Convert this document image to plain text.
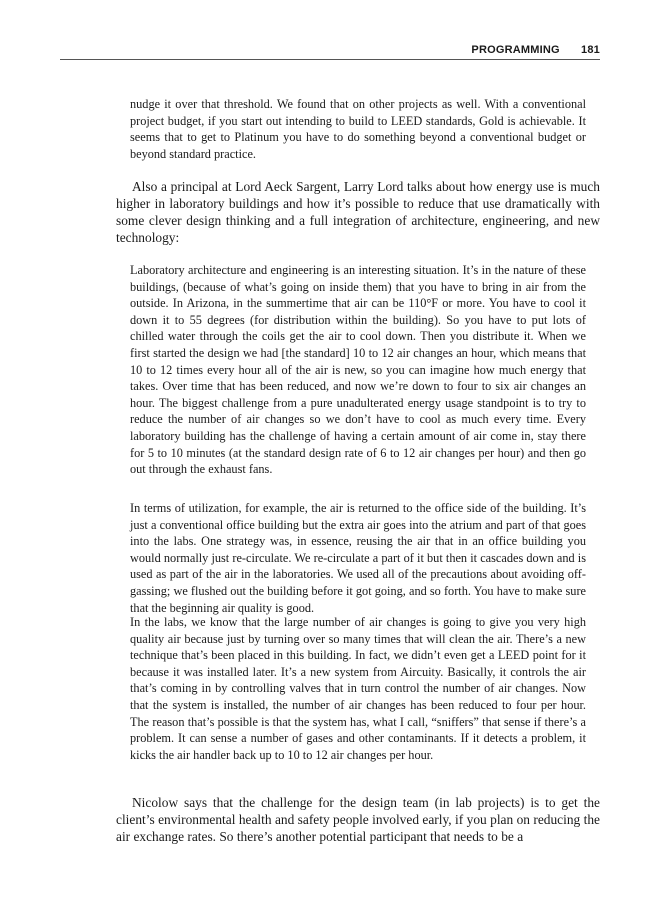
PROGRAMMING 181

nudge it over that threshold. We found that on other projects as well. With a conventional project budget, if you start out intending to build to LEED standards, Gold is achievable. It seems that to get to Platinum you have to do something beyond a conventional budget or beyond standard practice.

Also a principal at Lord Aeck Sargent, Larry Lord talks about how energy use is much higher in laboratory buildings and how it’s possible to reduce that use dramatically with some clever design thinking and a full integration of architecture, engineering, and new technology:

Laboratory architecture and engineering is an interesting situation. It’s in the nature of these buildings, (because of what’s going on inside them) that you have to bring in air from the outside. In Arizona, in the summertime that air can be 110°F or more. You have to cool it down it to 55 degrees (for distribution within the building). So you have to put lots of chilled water through the coils get the air to cool down. Then you distribute it. When we first started the design we had [the standard] 10 to 12 air changes an hour, which means that 10 to 12 times every hour all of the air is new, so you can imagine how much energy that takes. Over time that has been reduced, and now we’re down to four to six air changes an hour. The biggest challenge from a pure unadulterated energy usage standpoint is to try to reduce the number of air changes so we don’t have to cool as much every time. Every laboratory building has the challenge of having a certain amount of air come in, stay there for 5 to 10 minutes (at the standard design rate of 6 to 12 air changes per hour) and then go out through the exhaust fans.

In terms of utilization, for example, the air is returned to the office side of the building. It’s just a conventional office building but the extra air goes into the atrium and part of that goes into the labs. One strategy was, in essence, reusing the air that in an office building you would normally just re-circulate. We re-circulate a part of it but then it cascades down and is used as part of the air in the laboratories. We used all of the precautions about avoiding off-gassing; we flushed out the building before it got going, and so forth. You have to make sure that the beginning air quality is good.

In the labs, we know that the large number of air changes is going to give you very high quality air because just by turning over so many times that will clean the air. There’s a new technique that’s been placed in this building. In fact, we didn’t even get a LEED point for it because it was installed later. It’s a new system from Aircuity. Basically, it controls the air that’s coming in by controlling valves that in turn control the number of air changes. Now that the system is installed, the number of air changes has been reduced to four per hour. The reason that’s possible is that the system has, what I call, “sniffers” that sense if there’s a problem. It can sense a number of gases and other contaminants. If it detects a problem, it kicks the air handler back up to 10 to 12 air changes per hour.

Nicolow says that the challenge for the design team (in lab projects) is to get the client’s environmental health and safety people involved early, if you plan on reducing the air exchange rates. So there’s another potential participant that needs to be a
